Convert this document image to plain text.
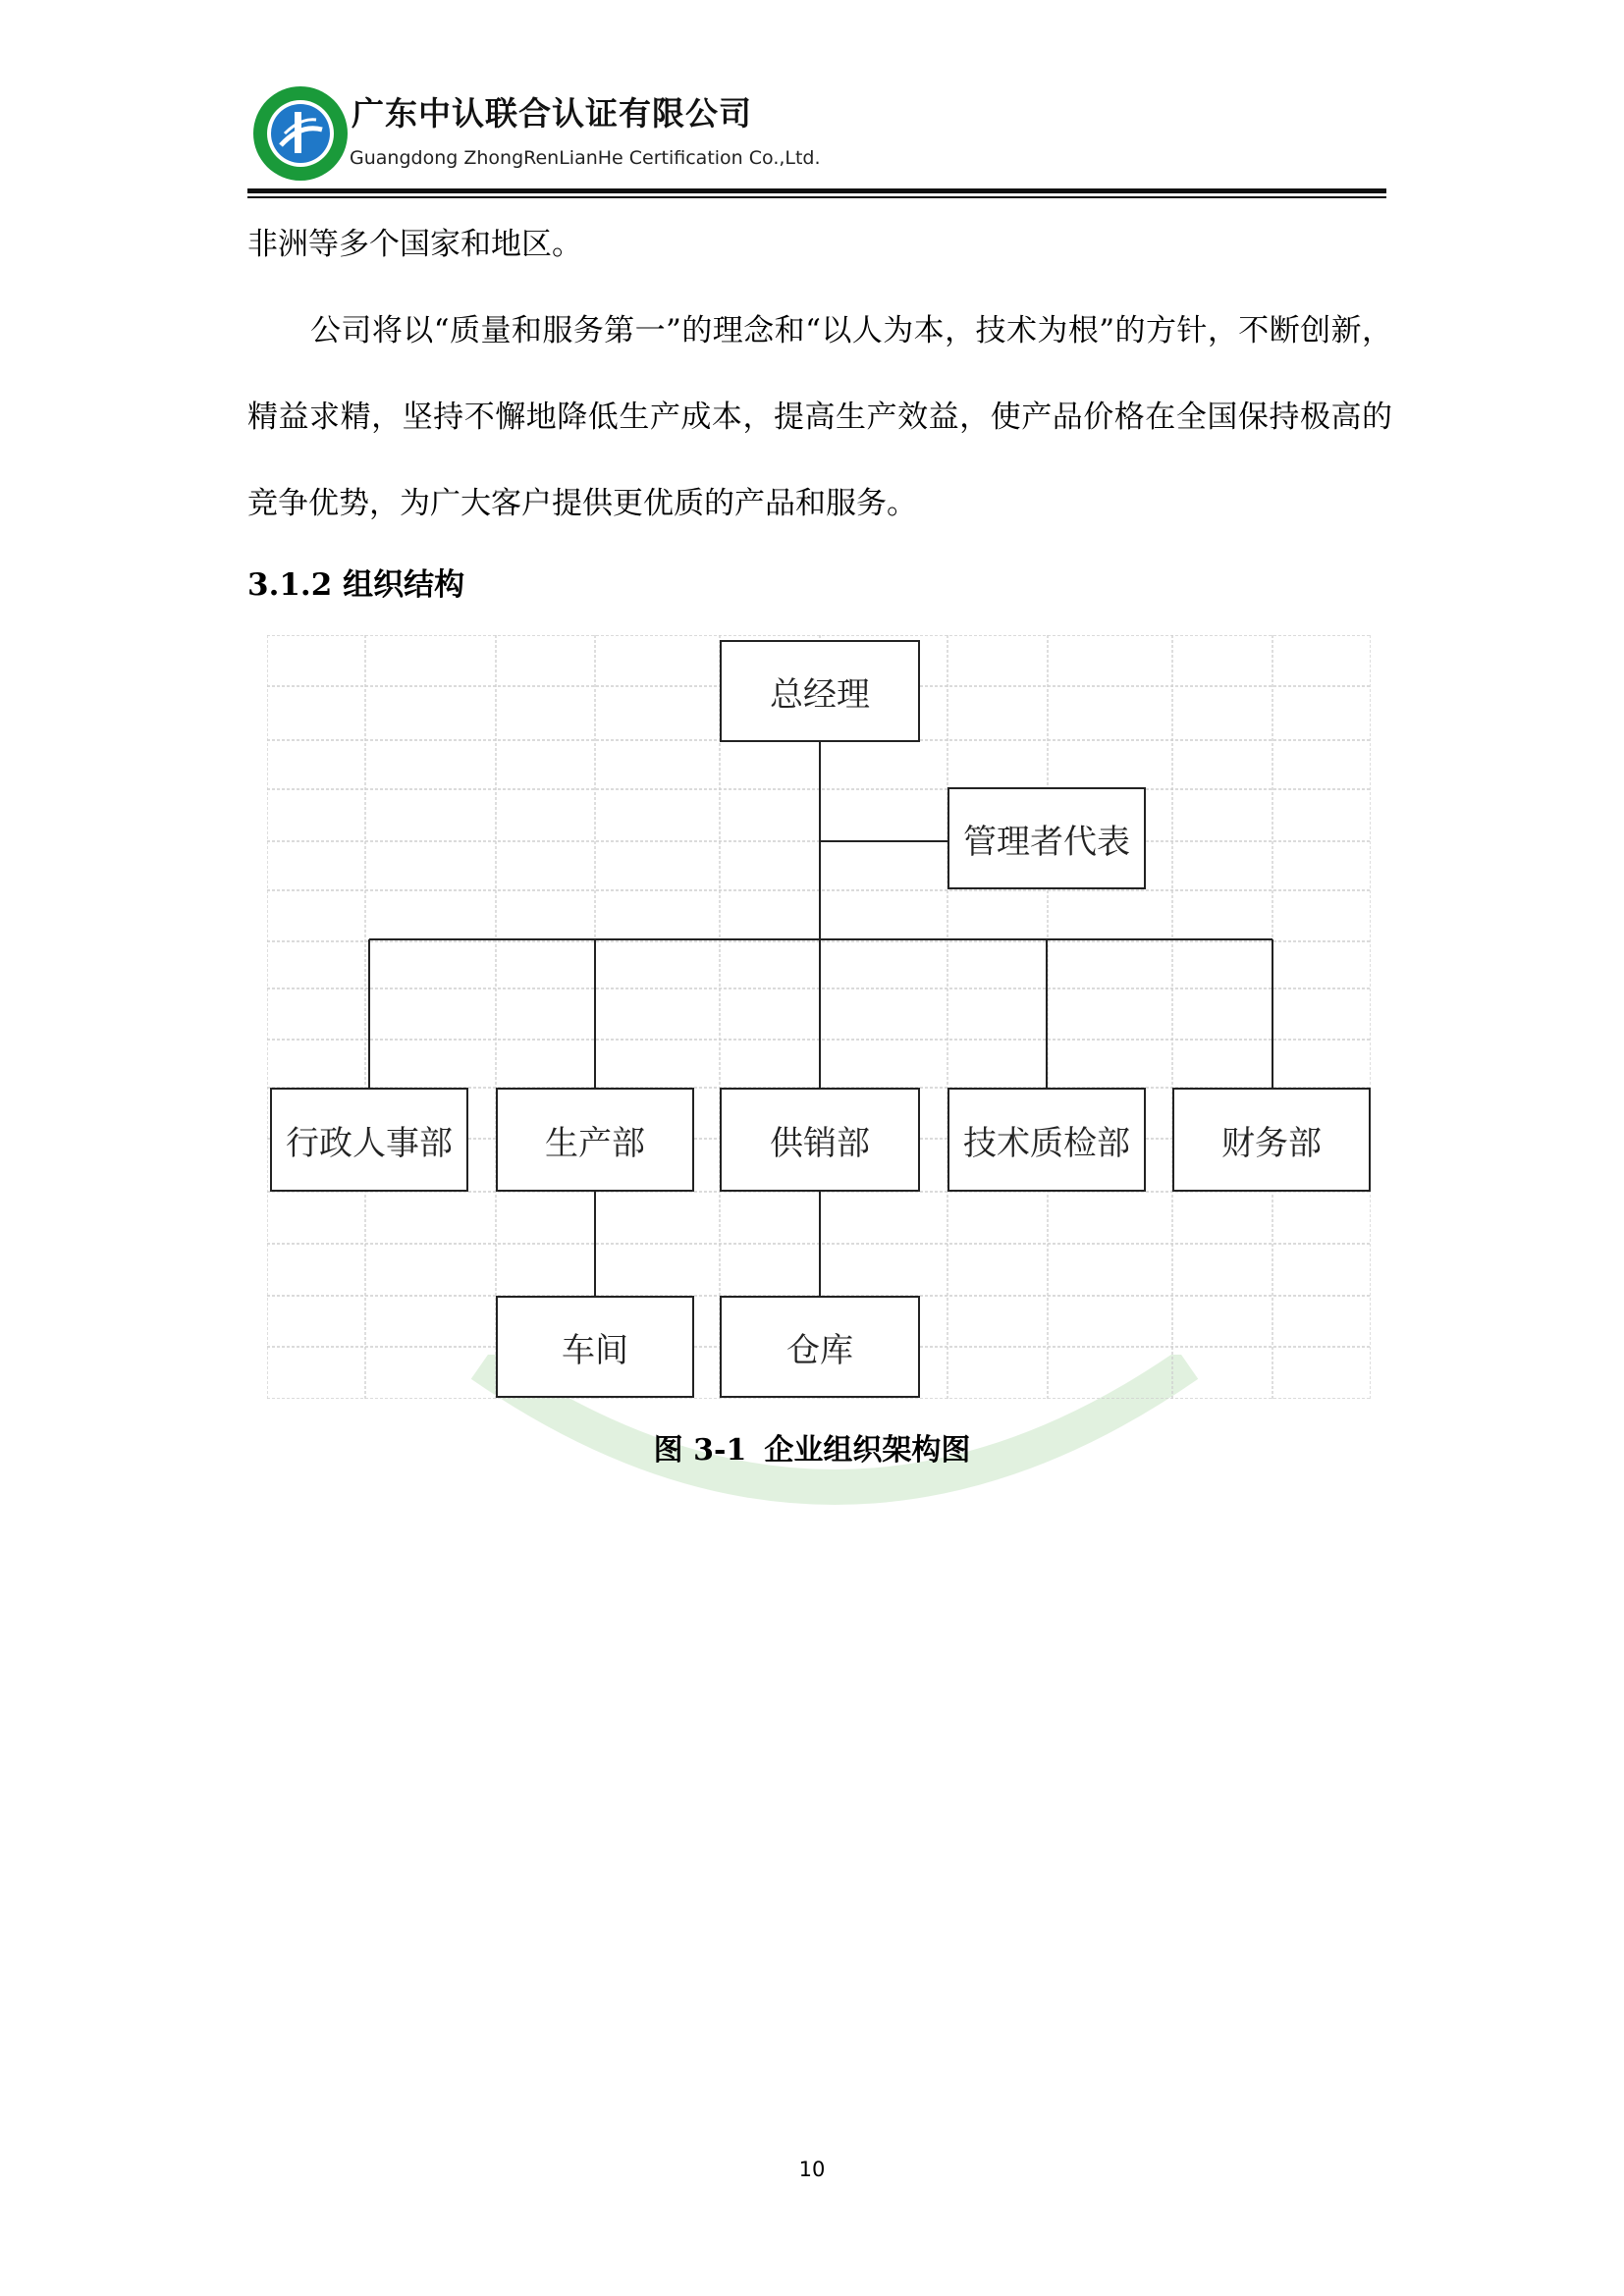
广东中认联合认证有限公司
Guangdong ZhongRenLianHe Certification Co.,Ltd.
非洲等多个国家和地区。
公司将以“质量和服务第一”的理念和“以人为本，技术为根”的方针，不断创新，精益求精，坚持不懈地降低生产成本，提高生产效益，使产品价格在全国保持极高的竞争优势，为广大客户提供更优质的产品和服务。
3.1.2 组织结构
总经理
管理者代表
行政人事部	生产部	供销部	技术质检部	财务部
车间	仓库
图 3-1 企业组织架构图
10
